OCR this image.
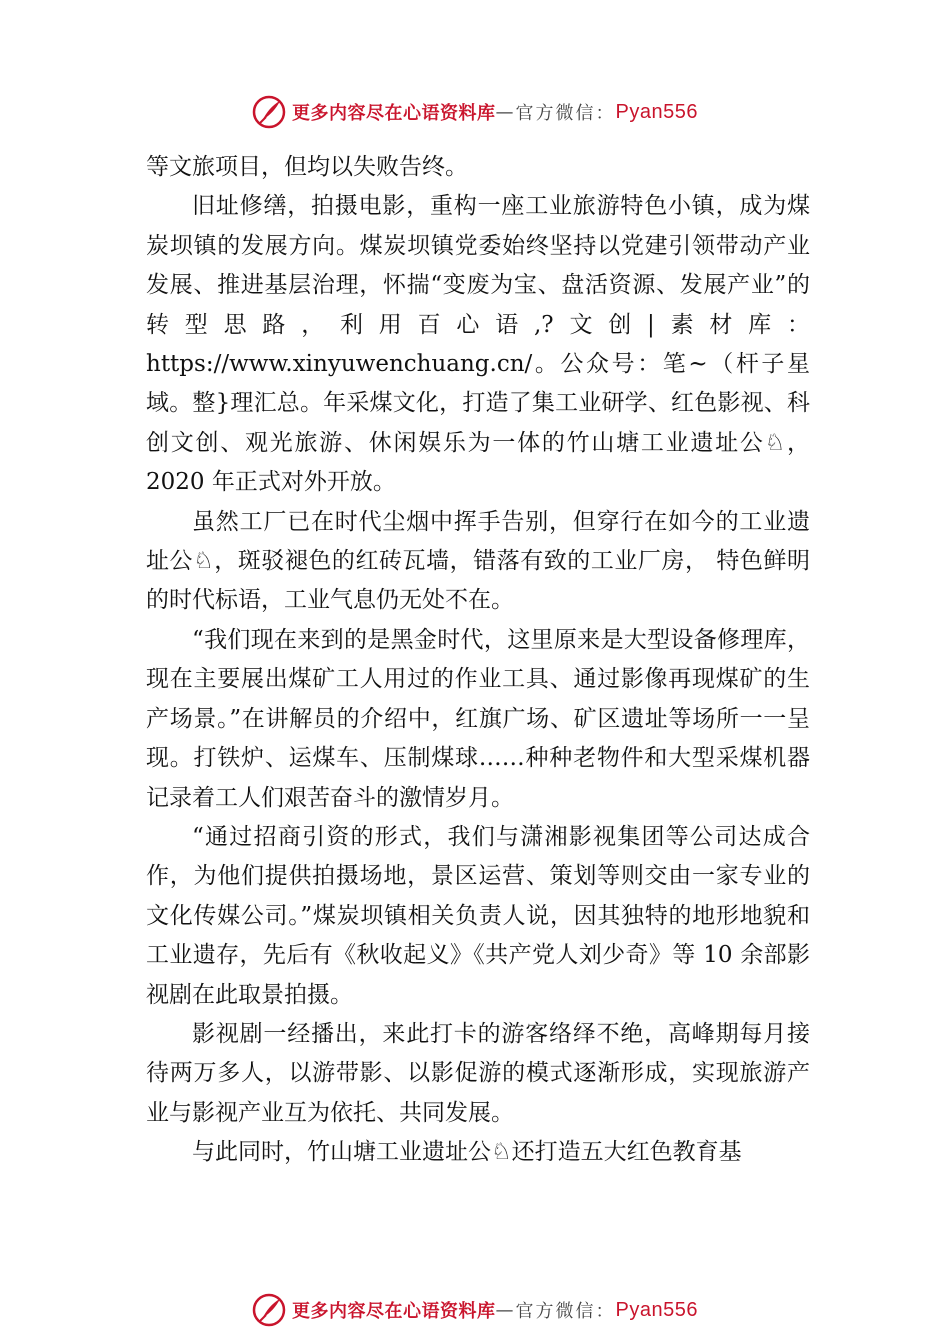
更多内容尽在心语资料库 — 官方微信： Pyan556

等文旅项目，但均以失败告终。

旧址修缮，拍摄电影，重构一座工业旅游特色小镇，成为煤炭坝镇的发展方向。煤炭坝镇党委始终坚持以党建引领带动产业发展、推进基层治理，怀揣“变废为宝、盘活资源、发展产业”的转型思路，利用百心语,?文创|素材库：https://www.xinyuwenchuang.cn/。公众号：笔~（杆子星域。整}理汇总。年采煤文化，打造了集工业研学、红色影视、科创文创、观光旅游、休闲娱乐为一体的竹山塘工业遗址公♘，2020 年正式对外开放。

虽然工厂已在时代尘烟中挥手告别，但穿行在如今的工业遗址公♘，斑驳褪色的红砖瓦墙，错落有致的工业厂房， 特色鲜明的时代标语，工业气息仍无处不在。

“我们现在来到的是黑金时代，这里原来是大型设备修理库，现在主要展出煤矿工人用过的作业工具、通过影像再现煤矿的生产场景。”在讲解员的介绍中，红旗广场、矿区遗址等场所一一呈现。打铁炉、运煤车、压制煤球……种种老物件和大型采煤机器记录着工人们艰苦奋斗的激情岁月。

“通过招商引资的形式，我们与潇湘影视集团等公司达成合作，为他们提供拍摄场地，景区运营、策划等则交由一家专业的文化传媒公司。”煤炭坝镇相关负责人说，因其独特的地形地貌和工业遗存，先后有《秋收起义》《共产党人刘少奇》等 10 余部影视剧在此取景拍摄。

影视剧一经播出，来此打卡的游客络绎不绝，高峰期每月接待两万多人，以游带影、以影促游的模式逐渐形成，实现旅游产业与影视产业互为依托、共同发展。

与此同时，竹山塘工业遗址公♘还打造五大红色教育基

更多内容尽在心语资料库 — 官方微信： Pyan556
